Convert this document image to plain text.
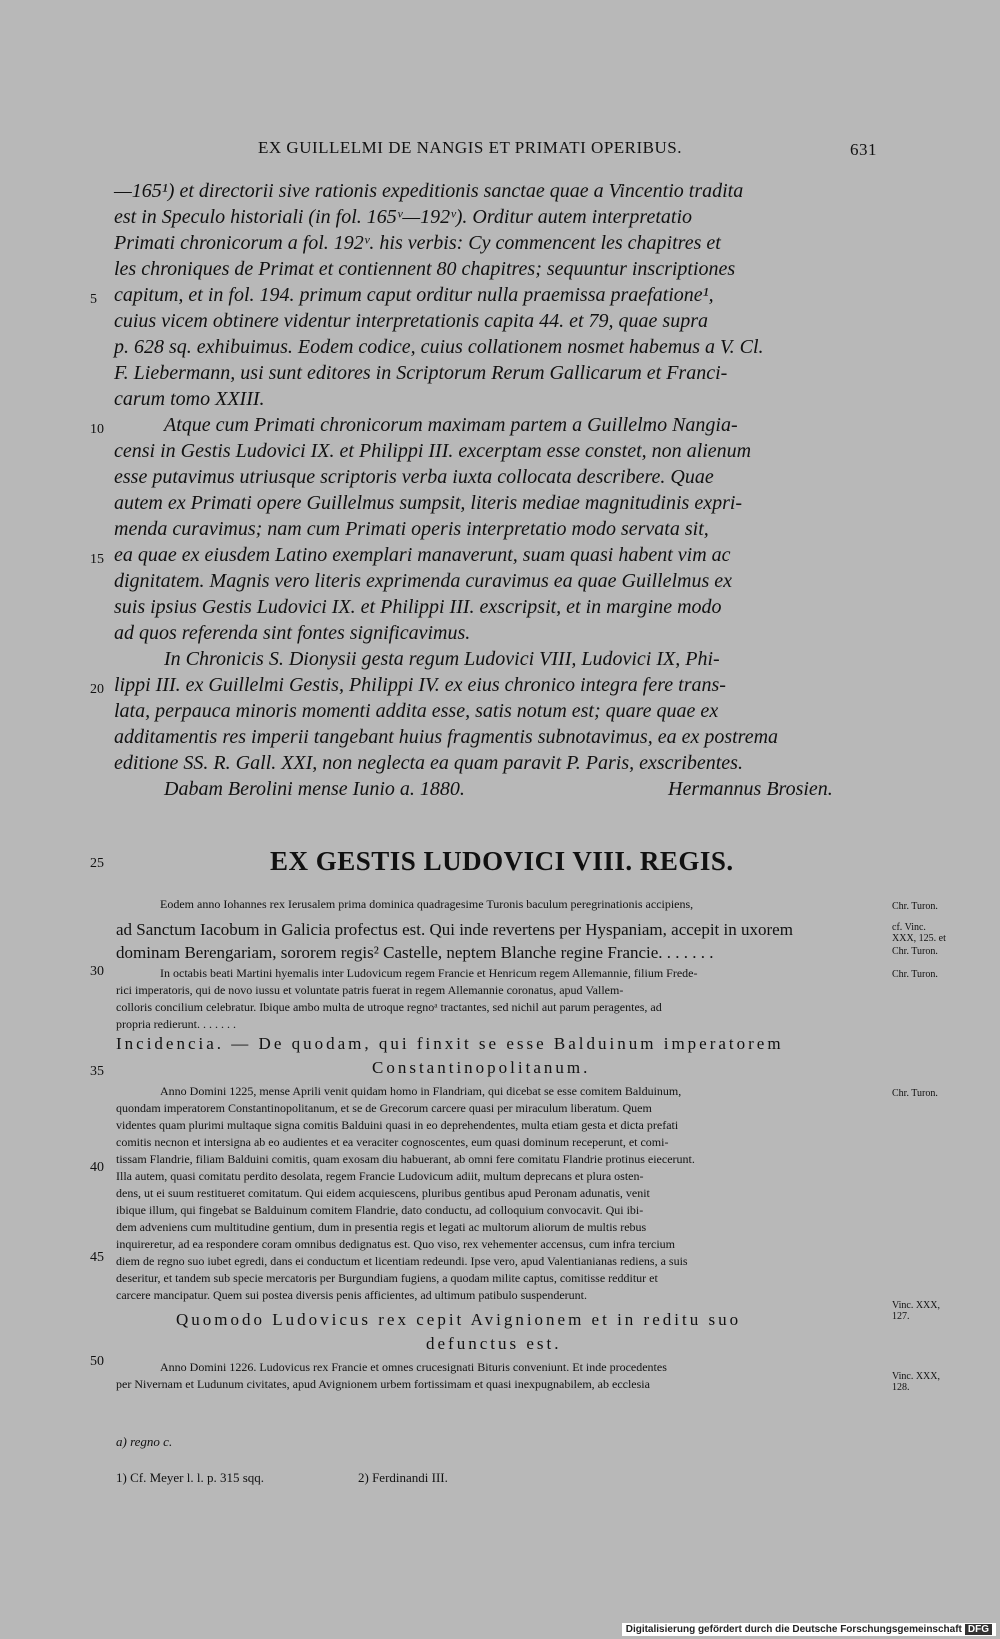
EX GUILLELMI DE NANGIS ET PRIMATI OPERIBUS.	631
—165¹) et directorii sive rationis expeditionis sanctae quae a Vincentio tradita
est in Speculo historiali (in fol. 165ᵛ—192ᵛ). Orditur autem interpretatio
Primati chronicorum a fol. 192ᵛ. his verbis: Cy commencent les chapitres et
les chroniques de Primat et contiennent 80 chapitres; sequuntur inscriptiones
capitum, et in fol. 194. primum caput orditur nulla praemissa praefatione¹,
cuius vicem obtinere videntur interpretationis capita 44. et 79, quae supra
p. 628 sq. exhibuimus. Eodem codice, cuius collationem nosmet habemus a V. Cl.
F. Liebermann, usi sunt editores in Scriptorum Rerum Gallicarum et Franci-
carum tomo XXIII.
Atque cum Primati chronicorum maximam partem a Guillelmo Nangia-
censi in Gestis Ludovici IX. et Philippi III. excerptam esse constet, non alienum
esse putavimus utriusque scriptoris verba iuxta collocata describere. Quae
autem ex Primati opere Guillelmus sumpsit, literis mediae magnitudinis expri-
menda curavimus; nam cum Primati operis interpretatio modo servata sit,
ea quae ex eiusdem Latino exemplari manaverunt, suam quasi habent vim ac
dignitatem. Magnis vero literis exprimenda curavimus ea quae Guillelmus ex
suis ipsius Gestis Ludovici IX. et Philippi III. exscripsit, et in margine modo
ad quos referenda sint fontes significavimus.
In Chronicis S. Dionysii gesta regum Ludovici VIII, Ludovici IX, Phi-
lippi III. ex Guillelmi Gestis, Philippi IV. ex eius chronico integra fere trans-
lata, perpauca minoris momenti addita esse, satis notum est; quare quae ex
additamentis res imperii tangebant huius fragmentis subnotavimus, ea ex postrema
editione SS. R. Gall. XXI, non neglecta ea quam paravit P. Paris, exscribentes.
Dabam Berolini mense Iunio a. 1880.	Hermannus Brosien.
5
10
15
20
25
30
35
40
45
50
EX GESTIS LUDOVICI VIII. REGIS.
Eodem anno Iohannes rex Ierusalem prima dominica quadragesime Turonis baculum peregrinationis accipiens,
ad Sanctum Iacobum in Galicia profectus est. Qui inde revertens per Hyspaniam, accepit in uxorem
dominam Berengariam, sororem regis² Castelle, neptem Blanche regine Francie. . . . . . .
In octabis beati Martini hyemalis inter Ludovicum regem Francie et Henricum regem Allemannie, filium Frede-
rici imperatoris, qui de novo iussu et voluntate patris fuerat in regem Allemannie coronatus, apud Vallem-
colloris concilium celebratur. Ibique ambo multa de utroque regnoᵃ tractantes, sed nichil aut parum peragentes, ad
propria redierunt. . . . . . .
Incidencia. — De quodam, qui finxit se esse Balduinum imperatorem
Constantinopolitanum.
Anno Domini 1225, mense Aprili venit quidam homo in Flandriam, qui dicebat se esse comitem Balduinum,
quondam imperatorem Constantinopolitanum, et se de Grecorum carcere quasi per miraculum liberatum. Quem
videntes quam plurimi multaque signa comitis Balduini quasi in eo deprehendentes, multa etiam gesta et dicta prefati
comitis necnon et intersigna ab eo audientes et ea veraciter cognoscentes, eum quasi dominum receperunt, et comi-
tissam Flandrie, filiam Balduini comitis, quam exosam diu habuerant, ab omni fere comitatu Flandrie protinus eiecerunt.
Illa autem, quasi comitatu perdito desolata, regem Francie Ludovicum adiit, multum deprecans et plura osten-
dens, ut ei suum restitueret comitatum. Qui eidem acquiescens, pluribus gentibus apud Peronam adunatis, venit
ibique illum, qui fingebat se Balduinum comitem Flandrie, dato conductu, ad colloquium convocavit. Qui ibi-
dem adveniens cum multitudine gentium, dum in presentia regis et legati ac multorum aliorum de multis rebus
inquireretur, ad ea respondere coram omnibus dedignatus est. Quo viso, rex vehementer accensus, cum infra tercium
diem de regno suo iubet egredi, dans ei conductum et licentiam redeundi. Ipse vero, apud Valentianianas rediens, a suis
deseritur, et tandem sub specie mercatoris per Burgundiam fugiens, a quodam milite captus, comitisse redditur et
carcere mancipatur. Quem sui postea diversis penis afficientes, ad ultimum patibulo suspenderunt.
Quomodo Ludovicus rex cepit Avignionem et in reditu suo
defunctus est.
Anno Domini 1226. Ludovicus rex Francie et omnes crucesignati Bituris conveniunt. Et inde procedentes
per Nivernam et Ludunum civitates, apud Avignionem urbem fortissimam et quasi inexpugnabilem, ab ecclesia
Chr. Turon.
cf. Vinc. XXX, 125. et
Chr. Turon.
Chr. Turon.
Chr. Turon.
Vinc. XXX, 127.
Vinc. XXX, 128.
a) regno c.
1) Cf. Meyer l. l. p. 315 sqq.	2) Ferdinandi III.
Digitalisierung gefördert durch die Deutsche Forschungsgemeinschaft DFG
